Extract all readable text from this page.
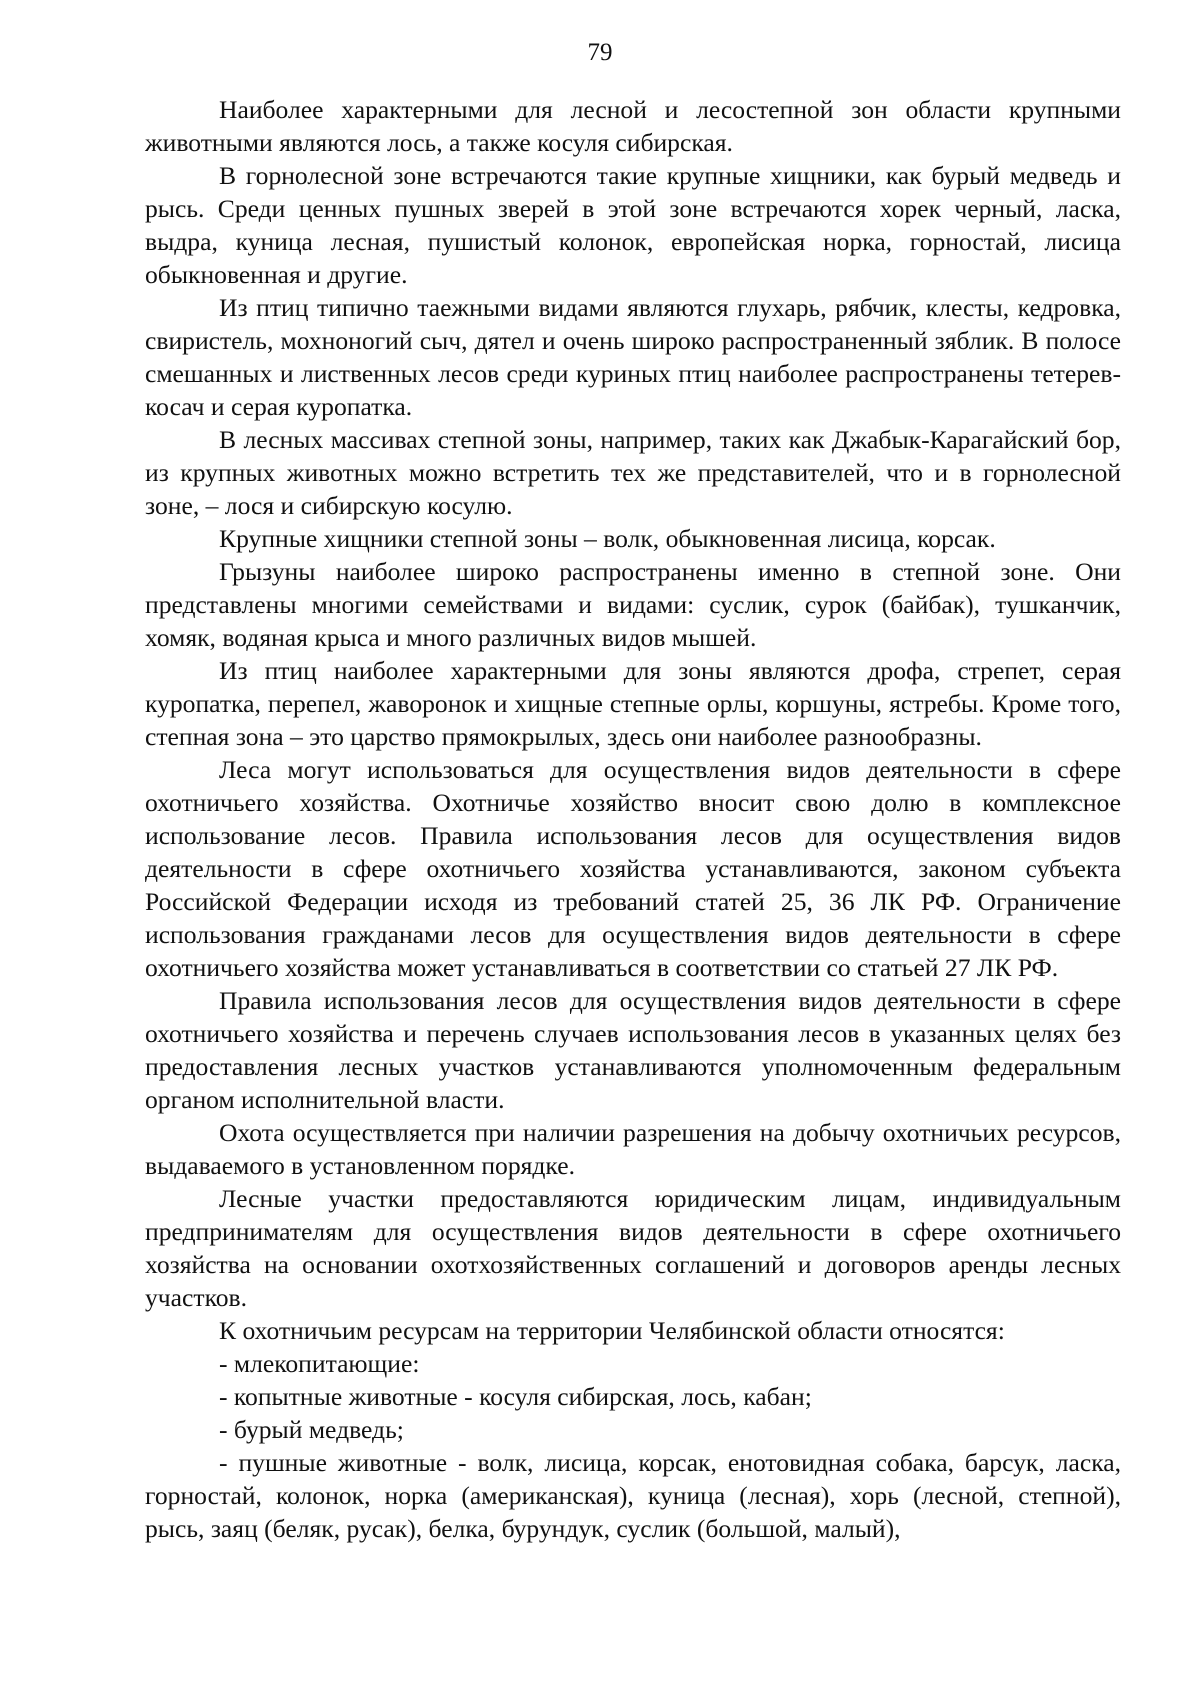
79

Наиболее характерными для лесной и лесостепной зон области крупными животными являются лось, а также косуля сибирская.

В горнолесной зоне встречаются такие крупные хищники, как бурый медведь и рысь. Среди ценных пушных зверей в этой зоне встречаются хорек черный, ласка, выдра, куница лесная, пушистый колонок, европейская норка, горностай, лисица обыкновенная и другие.

Из птиц типично таежными видами являются глухарь, рябчик, клесты, кедровка, свиристель, мохноногий сыч, дятел и очень широко распространенный зяблик. В полосе смешанных и лиственных лесов среди куриных птиц наиболее распространены тетерев-косач и серая куропатка.

В лесных массивах степной зоны, например, таких как Джабык-Карагайский бор, из крупных животных можно встретить тех же представителей, что и в горнолесной зоне, – лося и сибирскую косулю.

Крупные хищники степной зоны – волк, обыкновенная лисица, корсак.

Грызуны наиболее широко распространены именно в степной зоне. Они представлены многими семействами и видами: суслик, сурок (байбак), тушканчик, хомяк, водяная крыса и много различных видов мышей.

Из птиц наиболее характерными для зоны являются дрофа, стрепет, серая куропатка, перепел, жаворонок и хищные степные орлы, коршуны, ястребы. Кроме того, степная зона – это царство прямокрылых, здесь они наиболее разнообразны.

Леса могут использоваться для осуществления видов деятельности в сфере охотничьего хозяйства. Охотничье хозяйство вносит свою долю в комплексное использование лесов. Правила использования лесов для осуществления видов деятельности в сфере охотничьего хозяйства устанавливаются, законом субъекта Российской Федерации исходя из требований статей 25, 36 ЛК РФ. Ограничение использования гражданами лесов для осуществления видов деятельности в сфере охотничьего хозяйства может устанавливаться в соответствии со статьей 27 ЛК РФ.

Правила использования лесов для осуществления видов деятельности в сфере охотничьего хозяйства и перечень случаев использования лесов в указанных целях без предоставления лесных участков устанавливаются уполномоченным федеральным органом исполнительной власти.

Охота осуществляется при наличии разрешения на добычу охотничьих ресурсов, выдаваемого в установленном порядке.

Лесные участки предоставляются юридическим лицам, индивидуальным предпринимателям для осуществления видов деятельности в сфере охотничьего хозяйства на основании охотхозяйственных соглашений и договоров аренды лесных участков.

К охотничьим ресурсам на территории Челябинской области относятся:

- млекопитающие:

- копытные животные - косуля сибирская, лось, кабан;

- бурый медведь;

- пушные животные - волк, лисица, корсак, енотовидная собака, барсук, ласка, горностай, колонок, норка (американская), куница (лесная), хорь (лесной, степной), рысь, заяц (беляк, русак), белка, бурундук, суслик (большой, малый),
